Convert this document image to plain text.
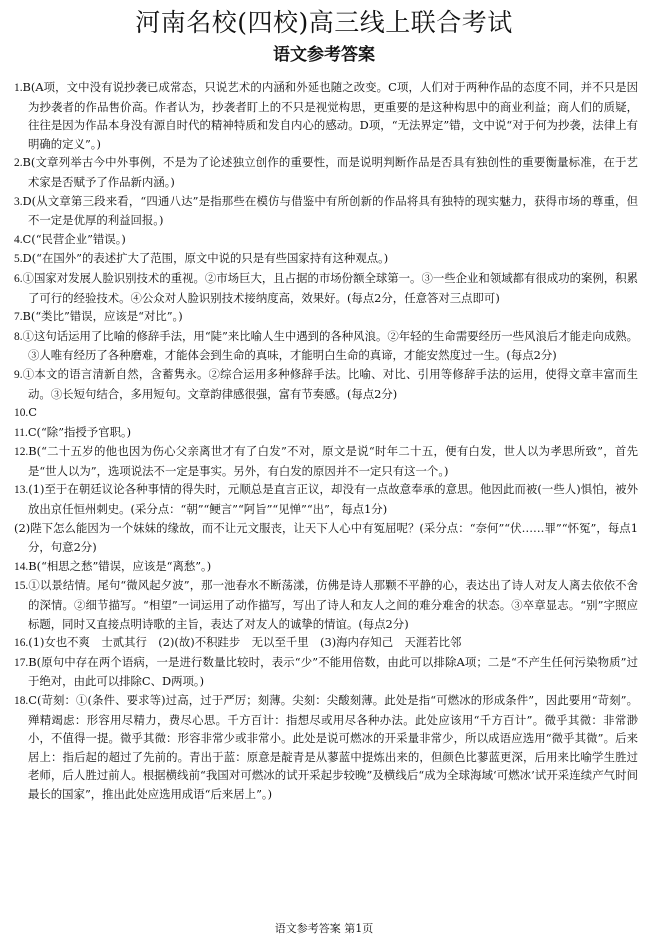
河南名校(四校)高三线上联合考试
语文参考答案

1.B(A项，文中没有说抄袭已成常态，只说艺术的内涵和外延也随之改变。C项，人们对于两种作品的态度不同，并不只是因为抄袭者的作品售价高。作者认为，抄袭者盯上的不只是视觉构思，更重要的是这种构思中的商业利益；商人们的质疑，往往是因为作品本身没有源自时代的精神特质和发自内心的感动。D项，“无法界定”错，文中说“对于何为抄袭，法律上有明确的定义”。)

2.B(文章列举古今中外事例，不是为了论述独立创作的重要性，而是说明判断作品是否具有独创性的重要衡量标准，在于艺术家是否赋予了作品新内涵。)

3.D(从文章第三段来看，“四通八达”是指那些在模仿与借鉴中有所创新的作品将具有独特的现实魅力，获得市场的尊重，但不一定是优厚的利益回报。)

4.C(“民营企业”错误。)

5.D(“在国外”的表述扩大了范围，原文中说的只是有些国家持有这种观点。)

6.①国家对发展人脸识别技术的重视。②市场巨大，且占据的市场份额全球第一。③一些企业和领域都有很成功的案例，积累了可行的经验技术。④公众对人脸识别技术接纳度高，效果好。(每点2分，任意答对三点即可)

7.B(“类比”错误，应该是“对比”。)

8.①这句话运用了比喻的修辞手法，用“陡”来比喻人生中遇到的各种风浪。②年轻的生命需要经历一些风浪后才能走向成熟。③人唯有经历了各种磨难，才能体会到生命的真味，才能明白生命的真谛，才能安然度过一生。(每点2分)

9.①本文的语言清新自然，含蓄隽永。②综合运用多种修辞手法。比喻、对比、引用等修辞手法的运用，使得文章丰富而生动。③长短句结合，多用短句。文章韵律感很强，富有节奏感。(每点2分)

10.C

11.C(“除”指授予官职。)

12.B(“二十五岁的他也因为伤心父亲离世才有了白发”不对，原文是说“时年二十五，便有白发，世人以为孝思所致”，首先是“世人以为”，选项说法不一定是事实。另外，有白发的原因并不一定只有这一个。)

13.(1)至于在朝廷议论各种事情的得失时，元顺总是直言正议，却没有一点故意奉承的意思。他因此而被(一些人)惧怕，被外放出京任恒州刺史。(采分点：“朝”“鲠言”“阿旨”“见惮”“出”，每点1分)

(2)陛下怎么能因为一个妹妹的缘故，而不让元文服丧，让天下人心中有冤屈呢？(采分点：“奈何”“伏……罪”“怀冤”，每点1分，句意2分)

14.B(“相思之愁”错误，应该是“离愁”。)

15.①以景结情。尾句“微风起夕波”，那一池春水不断荡漾，仿佛是诗人那颗不平静的心，表达出了诗人对友人离去依依不舍的深情。②细节描写。“相望”一词运用了动作描写，写出了诗人和友人之间的难分难舍的状态。③卒章显志。“别”字照应标题，同时又直接点明诗歌的主旨，表达了对友人的诚挚的情谊。(每点2分)

16.(1)女也不爽　士贰其行　(2)(故)不积跬步　无以至千里　(3)海内存知己　天涯若比邻

17.B(原句中存在两个语病，一是进行数量比较时，表示“少”不能用倍数，由此可以排除A项；二是“不产生任何污染物质”过于绝对，由此可以排除C、D两项。)

18.C(苛刻：①(条件、要求等)过高，过于严厉；刻薄。尖刻：尖酸刻薄。此处是指“可燃冰的形成条件”，因此要用“苛刻”。殚精竭虑：形容用尽精力，费尽心思。千方百计：指想尽或用尽各种办法。此处应该用“千方百计”。微乎其微：非常渺小，不值得一提。微乎其微：形容非常少或非常小。此处是说可燃冰的开采量非常少，所以成语应选用“微乎其微”。后来居上：指后起的超过了先前的。青出于蓝：原意是靛青是从蓼蓝中提炼出来的，但颜色比蓼蓝更深，后用来比喻学生胜过老师，后人胜过前人。根据横线前“我国对可燃冰的试开采起步较晚”及横线后“成为全球海域‘可燃冰’试开采连续产气时间最长的国家”，推出此处应选用成语“后来居上”。)

语文参考答案 第1页
